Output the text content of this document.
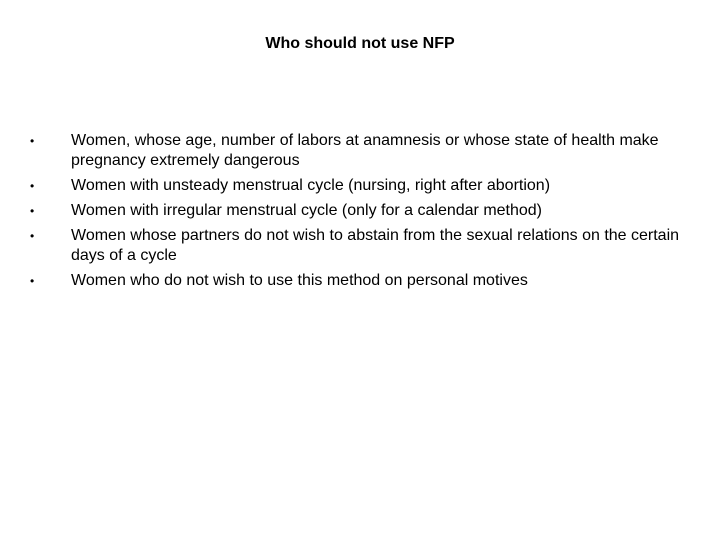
Who should not use NFP
•	Women, whose age, number of labors at anamnesis or whose state of health make pregnancy extremely dangerous
•	Women with unsteady menstrual cycle (nursing, right after abortion)
•	Women with irregular menstrual cycle (only for a calendar method)
•	Women whose partners do not wish to abstain from the sexual relations on the certain days of a cycle
•	Women who do not wish to use this method on personal motives
